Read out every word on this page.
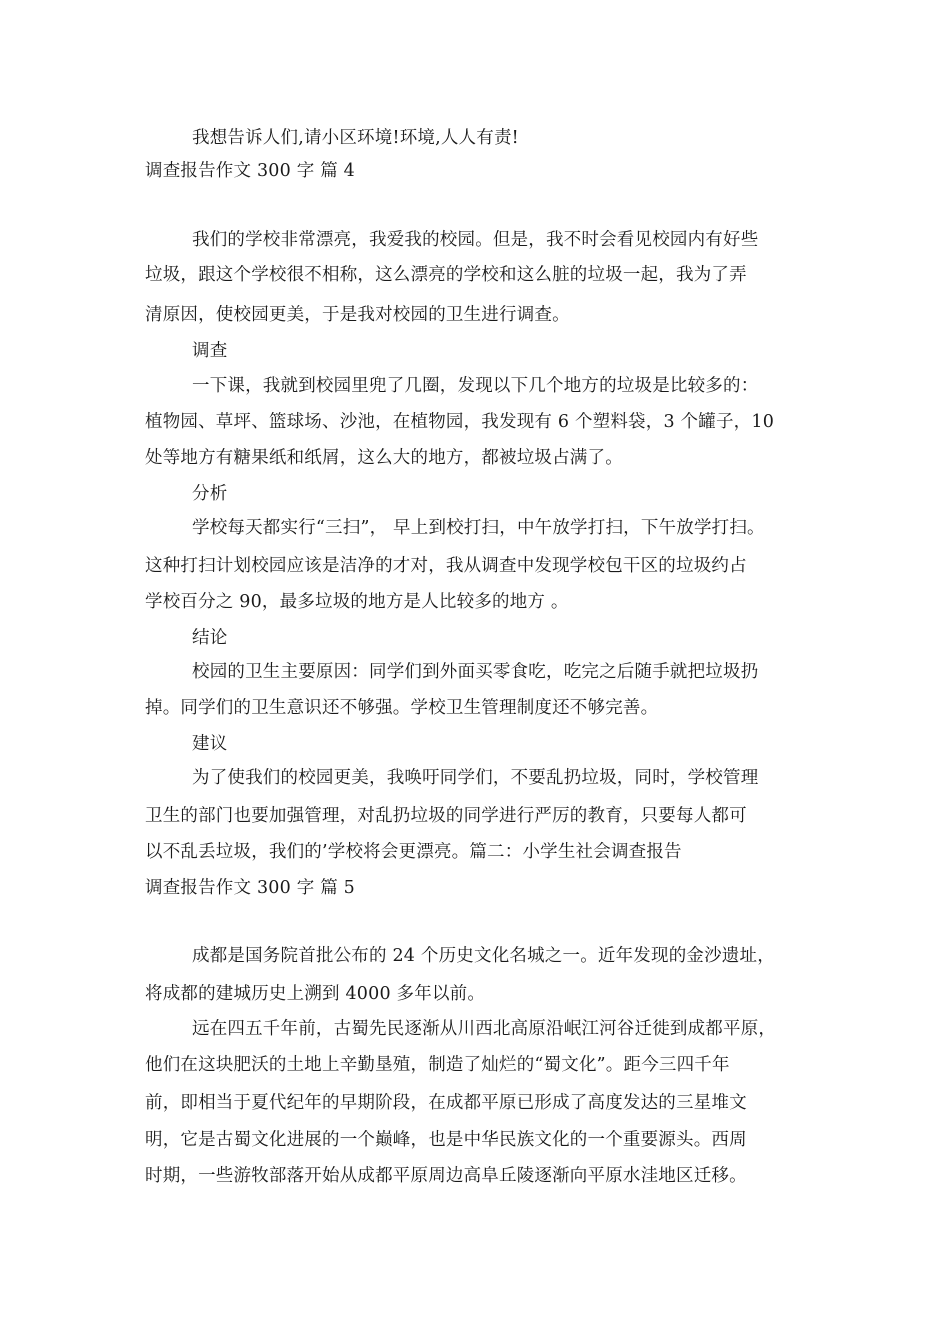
我想告诉人们,请小区环境!环境,人人有责!
调查报告作文 300 字 篇 4
我们的学校非常漂亮，我爱我的校园。但是，我不时会看见校园内有好些
垃圾，跟这个学校很不相称，这么漂亮的学校和这么脏的垃圾一起，我为了弄
清原因，使校园更美，于是我对校园的卫生进行调查。
调查
一下课，我就到校园里兜了几圈，发现以下几个地方的垃圾是比较多的：
植物园、草坪、篮球场、沙池，在植物园，我发现有 6 个塑料袋，3 个罐子，10
处等地方有糖果纸和纸屑，这么大的地方，都被垃圾占满了。
分析
学校每天都实行“三扫”， 早上到校打扫，中午放学打扫，下午放学打扫。
这种打扫计划校园应该是洁净的才对，我从调查中发现学校包干区的垃圾约占
学校百分之 90，最多垃圾的地方是人比较多的地方 。
结论
校园的卫生主要原因：同学们到外面买零食吃，吃完之后随手就把垃圾扔
掉。同学们的卫生意识还不够强。学校卫生管理制度还不够完善。
建议
为了使我们的校园更美，我唤吁同学们，不要乱扔垃圾，同时，学校管理
卫生的部门也要加强管理，对乱扔垃圾的同学进行严厉的教育，只要每人都可
以不乱丢垃圾，我们的’学校将会更漂亮。篇二：小学生社会调查报告
调查报告作文 300 字 篇 5
成都是国务院首批公布的 24 个历史文化名城之一。近年发现的金沙遗址，
将成都的建城历史上溯到 4000 多年以前。
远在四五千年前，古蜀先民逐渐从川西北高原沿岷江河谷迁徙到成都平原，
他们在这块肥沃的土地上辛勤垦殖，制造了灿烂的“蜀文化”。距今三四千年
前，即相当于夏代纪年的早期阶段，在成都平原已形成了高度发达的三星堆文
明，它是古蜀文化进展的一个巅峰，也是中华民族文化的一个重要源头。西周
时期，一些游牧部落开始从成都平原周边高阜丘陵逐渐向平原水洼地区迁移。
